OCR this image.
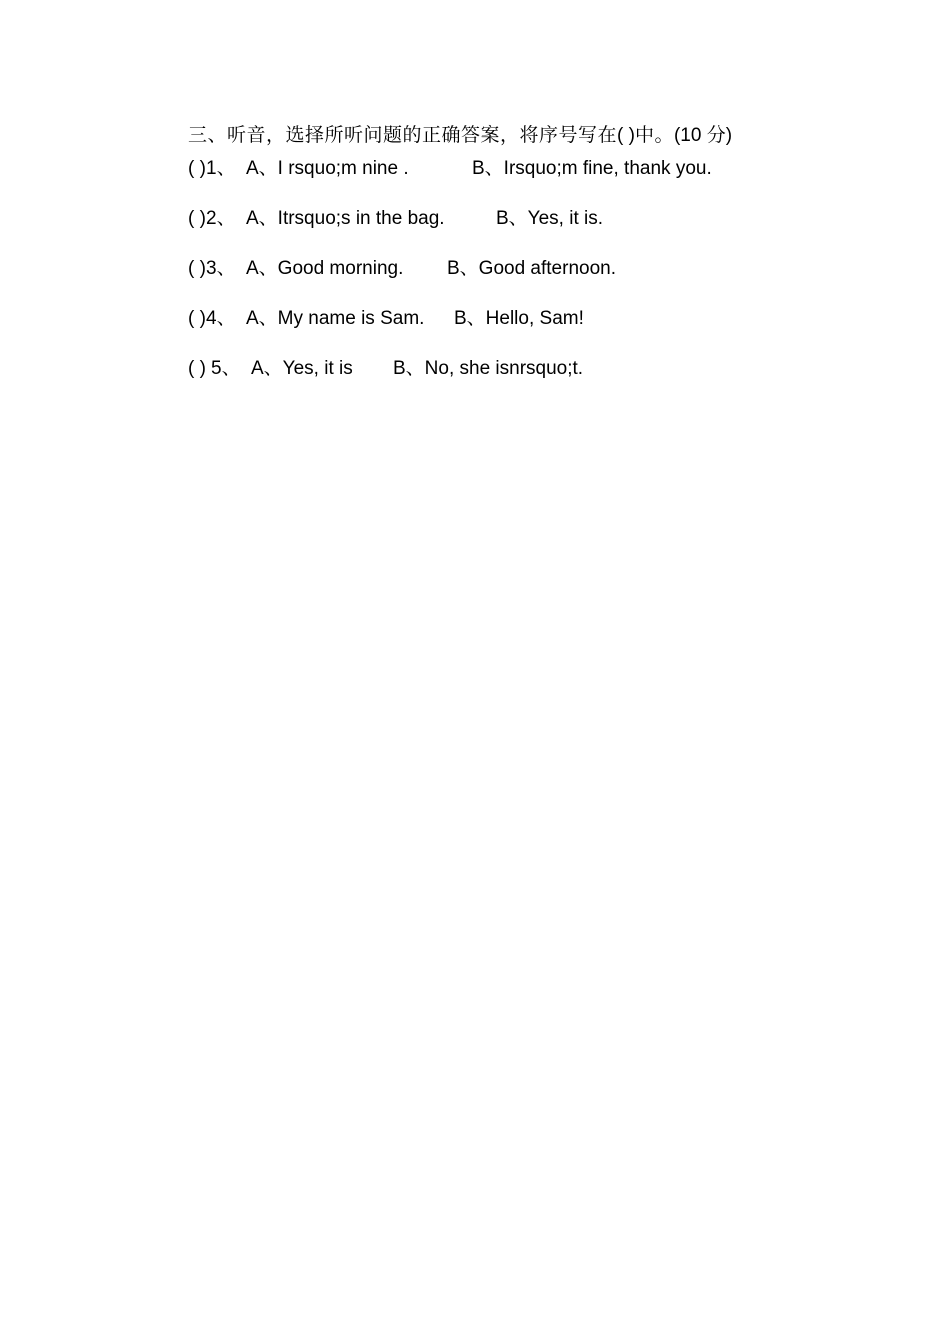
三、听音，选择所听问题的正确答案，将序号写在( )中。(10 分)
( ) 1、 A、I rsquo;m nine .	B、Irsquo;m fine, thank you.
( ) 2、 A、Itrsquo;s in the bag.	B、Yes, it is.
( ) 3、 A、Good morning. B、Good afternoon.
( ) 4、 A、My name is Sam. B、Hello, Sam!
( ) 5、 A、Yes, it is B、No, she isnrsquo;t.
